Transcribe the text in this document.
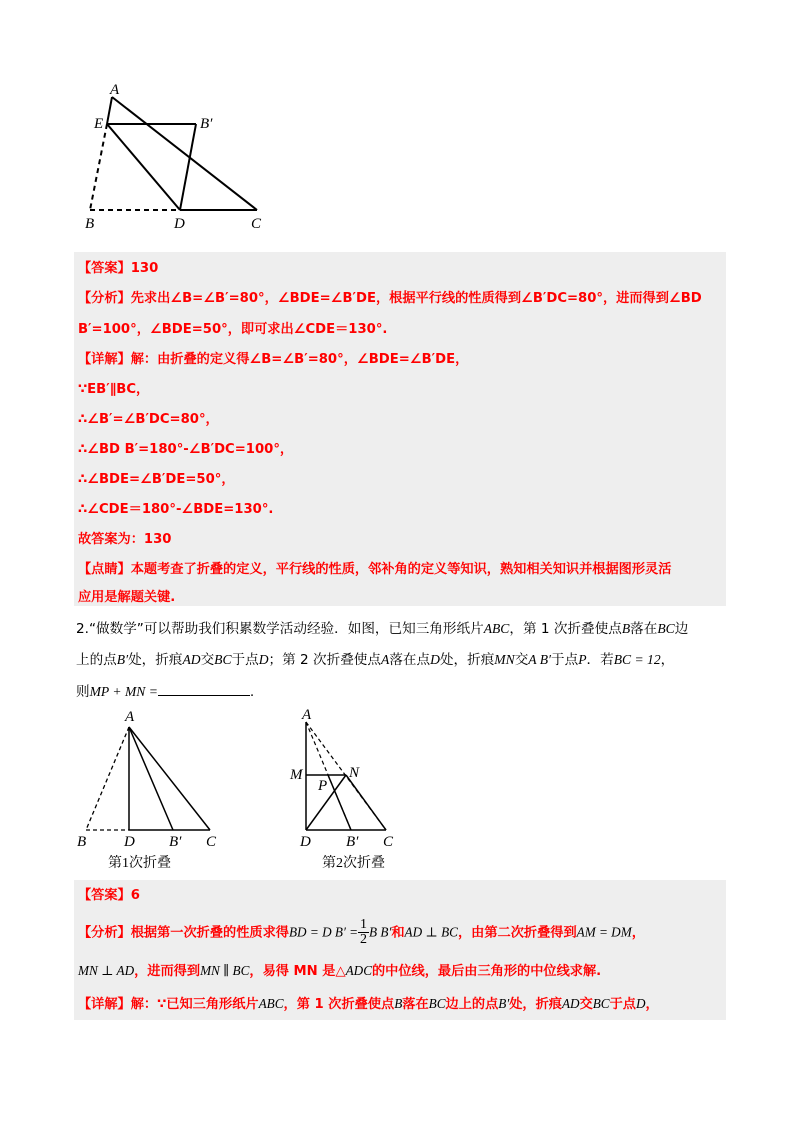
A
E	B′
B	D	C
【答案】130
【分析】先求出∠B=∠B′=80°，∠BDE=∠B′DE，根据平行线的性质得到∠B′DC=80°，进而得到∠BD
B′=100°，∠BDE=50°，即可求出∠CDE＝130°.
【详解】解：由折叠的定义得∠B=∠B′=80°，∠BDE=∠B′DE，
∵EB′∥BC，
∴∠B′=∠B′DC=80°，
∴∠BD B′=180°-∠B′DC=100°，
∴∠BDE=∠B′DE=50°，
∴∠CDE＝180°-∠BDE=130°.
故答案为：130
【点睛】本题考查了折叠的定义，平行线的性质，邻补角的定义等知识，熟知相关知识并根据图形灵活
应用是解题关键.
2.“做数学”可以帮助我们积累数学活动经验．如图，已知三角形纸片ABC，第 1 次折叠使点B落在BC边
上的点B′处，折痕AD交BC于点D；第 2 次折叠使点A落在点D处，折痕MN交A B′于点P．若BC = 12，
则MP + MN =	.
A
B	D B′ C
第1次折叠
A
M	N
P
D B′ C
第2次折叠
【答案】6
【分析】根据第一次折叠的性质求得BD = D $B' = \frac{1}{2}$ B B′和AD ⊥ BC，由第二次折叠得到AM = DM，
MN ⊥ AD，进而得到MN ∥ BC，易得 MN 是△ADC的中位线，最后由三角形的中位线求解.
【详解】解：∵已知三角形纸片ABC，第 1 次折叠使点B落在BC边上的点B′处，折痕AD交BC于点D，
